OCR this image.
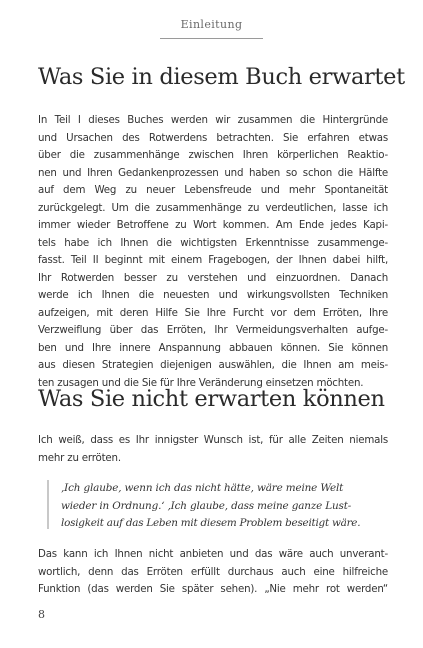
Einleitung
Was Sie in diesem Buch erwartet
In Teil I dieses Buches werden wir zusammen die Hintergründe
und Ursachen des Rotwerdens betrachten. Sie erfahren etwas
über die zusammenhänge zwischen Ihren körperlichen Reaktio-
nen und Ihren Gedankenprozessen und haben so schon die Hälfte
auf dem Weg zu neuer Lebensfreude und mehr Spontaneität
zurückgelegt. Um die zusammenhänge zu verdeutlichen, lasse ich
immer wieder Betroffene zu Wort kommen. Am Ende jedes Kapi-
tels habe ich Ihnen die wichtigsten Erkenntnisse zusammenge-
fasst. Teil II beginnt mit einem Fragebogen, der Ihnen dabei hilft,
Ihr Rotwerden besser zu verstehen und einzuordnen. Danach
werde ich Ihnen die neuesten und wirkungsvollsten Techniken
aufzeigen, mit deren Hilfe Sie Ihre Furcht vor dem Erröten, Ihre
Verzweiflung über das Erröten, Ihr Vermeidungsverhalten aufge-
ben und Ihre innere Anspannung abbauen können. Sie können
aus diesen Strategien diejenigen auswählen, die Ihnen am meis-
ten zusagen und die Sie für Ihre Veränderung einsetzen möchten.
Was Sie nicht erwarten können
Ich weiß, dass es Ihr innigster Wunsch ist, für alle Zeiten niemals
mehr zu erröten.
‚Ich glaube, wenn ich das nicht hätte, wäre meine Welt
wieder in Ordnung.‘ ‚Ich glaube, dass meine ganze Lust-
losigkeit auf das Leben mit diesem Problem beseitigt wäre.
Das kann ich Ihnen nicht anbieten und das wäre auch unverant-
wortlich, denn das Erröten erfüllt durchaus auch eine hilfreiche
Funktion (das werden Sie später sehen). „Nie mehr rot werden“
8
